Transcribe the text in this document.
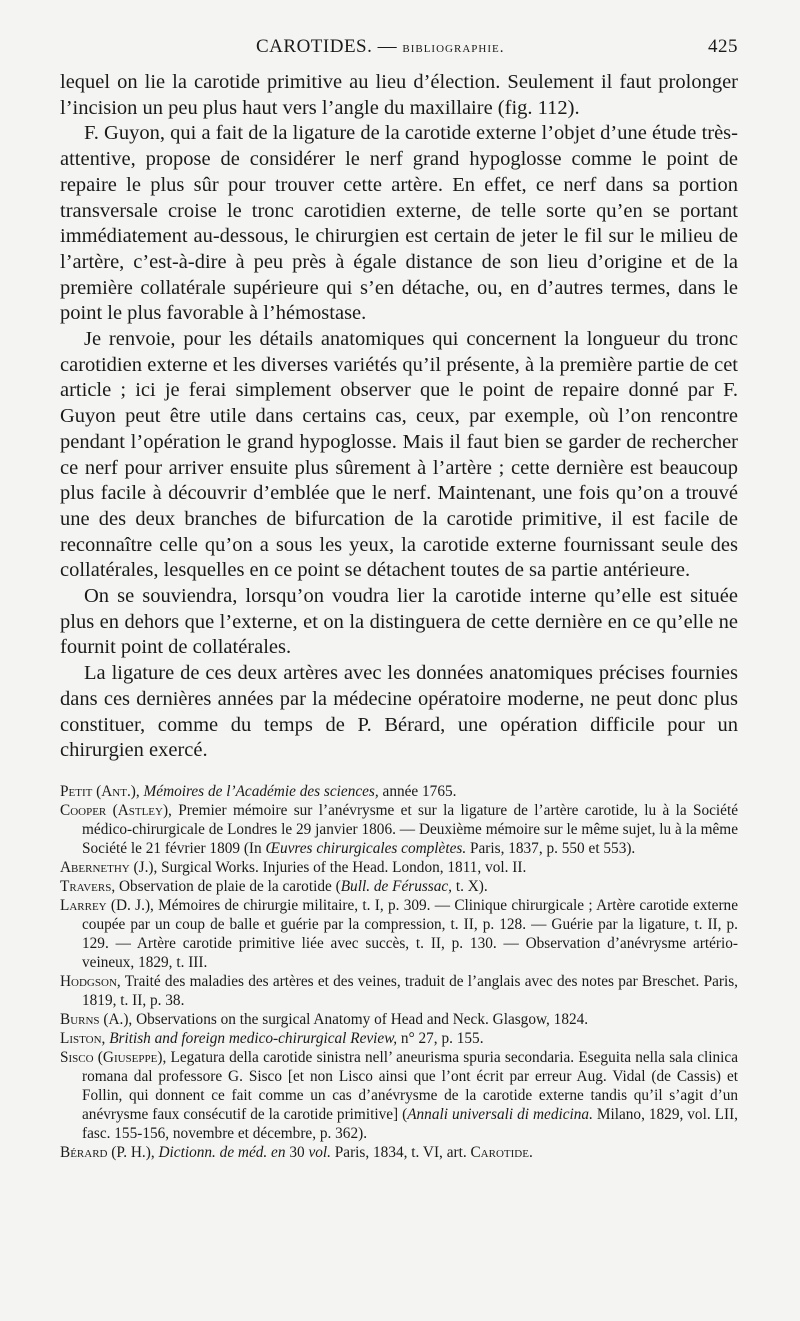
CAROTIDES. — bibliographie.	425

lequel on lie la carotide primitive au lieu d’élection. Seulement il faut prolonger l’incision un peu plus haut vers l’angle du maxillaire (fig. 112).

F. Guyon, qui a fait de la ligature de la carotide externe l’objet d’une étude très-attentive, propose de considérer le nerf grand hypoglosse comme le point de repaire le plus sûr pour trouver cette artère. En effet, ce nerf dans sa portion transversale croise le tronc carotidien externe, de telle sorte qu’en se portant immédiatement au-dessous, le chirurgien est certain de jeter le fil sur le milieu de l’artère, c’est-à-dire à peu près à égale distance de son lieu d’origine et de la première collatérale supérieure qui s’en détache, ou, en d’autres termes, dans le point le plus favorable à l’hémostase.

Je renvoie, pour les détails anatomiques qui concernent la longueur du tronc carotidien externe et les diverses variétés qu’il présente, à la première partie de cet article ; ici je ferai simplement observer que le point de repaire donné par F. Guyon peut être utile dans certains cas, ceux, par exemple, où l’on rencontre pendant l’opération le grand hypoglosse. Mais il faut bien se garder de rechercher ce nerf pour arriver ensuite plus sûrement à l’artère ; cette dernière est beaucoup plus facile à découvrir d’emblée que le nerf. Maintenant, une fois qu’on a trouvé une des deux branches de bifurcation de la carotide primitive, il est facile de reconnaître celle qu’on a sous les yeux, la carotide externe fournissant seule des collatérales, lesquelles en ce point se détachent toutes de sa partie antérieure.

On se souviendra, lorsqu’on voudra lier la carotide interne qu’elle est située plus en dehors que l’externe, et on la distinguera de cette dernière en ce qu’elle ne fournit point de collatérales.

La ligature de ces deux artères avec les données anatomiques précises fournies dans ces dernières années par la médecine opératoire moderne, ne peut donc plus constituer, comme du temps de P. Bérard, une opération difficile pour un chirurgien exercé.

Petit (Ant.), Mémoires de l’Académie des sciences, année 1765.

Cooper (Astley), Premier mémoire sur l’anévrysme et sur la ligature de l’artère carotide, lu à la Société médico-chirurgicale de Londres le 29 janvier 1806. — Deuxième mémoire sur le même sujet, lu à la même Société le 21 février 1809 (In Œuvres chirurgicales complètes. Paris, 1837, p. 550 et 553).

Abernethy (J.), Surgical Works. Injuries of the Head. London, 1811, vol. II.

Travers, Observation de plaie de la carotide (Bull. de Férussac, t. X).

Larrey (D. J.), Mémoires de chirurgie militaire, t. I, p. 309. — Clinique chirurgicale ; Artère carotide externe coupée par un coup de balle et guérie par la compression, t. II, p. 128. — Guérie par la ligature, t. II, p. 129. — Artère carotide primitive liée avec succès, t. II, p. 130. — Observation d’anévrysme artério-veineux, 1829, t. III.

Hodgson, Traité des maladies des artères et des veines, traduit de l’anglais avec des notes par Breschet. Paris, 1819, t. II, p. 38.

Burns (A.), Observations on the surgical Anatomy of Head and Neck. Glasgow, 1824.

Liston, British and foreign medico-chirurgical Review, n° 27, p. 155.

Sisco (Giuseppe), Legatura della carotide sinistra nell’ aneurisma spuria secondaria. Eseguita nella sala clinica romana dal professore G. Sisco [et non Lisco ainsi que l’ont écrit par erreur Aug. Vidal (de Cassis) et Follin, qui donnent ce fait comme un cas d’anévrysme de la carotide externe tandis qu’il s’agit d’un anévrysme faux consécutif de la carotide primitive] (Annali universali di medicina. Milano, 1829, vol. LII, fasc. 155-156, novembre et décembre, p. 362).

Bérard (P. H.), Dictionn. de méd. en 30 vol. Paris, 1834, t. VI, art. Carotide.
